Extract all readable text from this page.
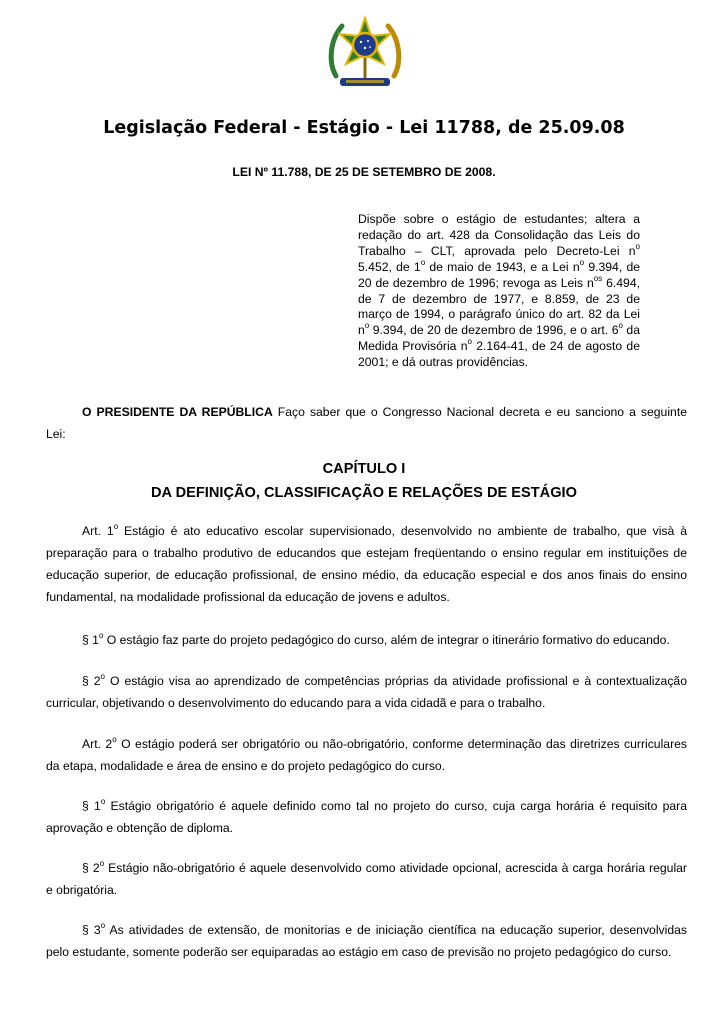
Legislação Federal - Estágio - Lei 11788, de 25.09.08
LEI Nº 11.788, DE 25 DE SETEMBRO DE 2008.
Dispõe sobre o estágio de estudantes; altera a
redação do art. 428 da Consolidação das Leis do
Trabalho – CLT, aprovada pelo Decreto-Lei $n^o$
5.452, de 1$^o$ de maio de 1943, e a Lei $n^o$ 9.394, de
20 de dezembro de 1996; revoga as Leis $n^{os}$ 6.494,
de 7 de dezembro de 1977, e 8.859, de 23 de
março de 1994, o parágrafo único do art. 82 da Lei
$n^o$ 9.394, de 20 de dezembro de 1996, e o art. 6$^o$ da
Medida Provisória $n^o$ 2.164-41, de 24 de agosto de
2001; e dá outras providências.
O PRESIDENTE DA REPÚBLICA Faço saber que o Congresso Nacional decreta e eu sanciono a seguinte
Lei:
CAPÍTULO I
DA DEFINIÇÃO, CLASSIFICAÇÃO E RELAÇÕES DE ESTÁGIO
Art. 1$^o$ Estágio é ato educativo escolar supervisionado, desenvolvido no ambiente de trabalho, que visà à
preparação para o trabalho produtivo de educandos que estejam freqüentando o ensino regular em instituições de
educação superior, de educação profissional, de ensino médio, da educação especial e dos anos finais do ensino
fundamental, na modalidade profissional da educação de jovens e adultos.
§ 1$^o$ O estágio faz parte do projeto pedagógico do curso, além de integrar o itinerário formativo do educando.
§ 2$^o$ O estágio visa ao aprendizado de competências próprias da atividade profissional e à contextualização
curricular, objetivando o desenvolvimento do educando para a vida cidadã e para o trabalho.
Art. 2$^o$ O estágio poderá ser obrigatório ou não-obrigatório, conforme determinação das diretrizes curriculares
da etapa, modalidade e área de ensino e do projeto pedagógico do curso.
§ 1$^o$ Estágio obrigatório é aquele definido como tal no projeto do curso, cuja carga horária é requisito para
aprovação e obtenção de diploma.
§ 2$^o$ Estágio não-obrigatório é aquele desenvolvido como atividade opcional, acrescida à carga horária regular
e obrigatória.
§ 3$^o$ As atividades de extensão, de monitorias e de iniciação científica na educação superior, desenvolvidas
pelo estudante, somente poderão ser equiparadas ao estágio em caso de previsão no projeto pedagógico do curso.
